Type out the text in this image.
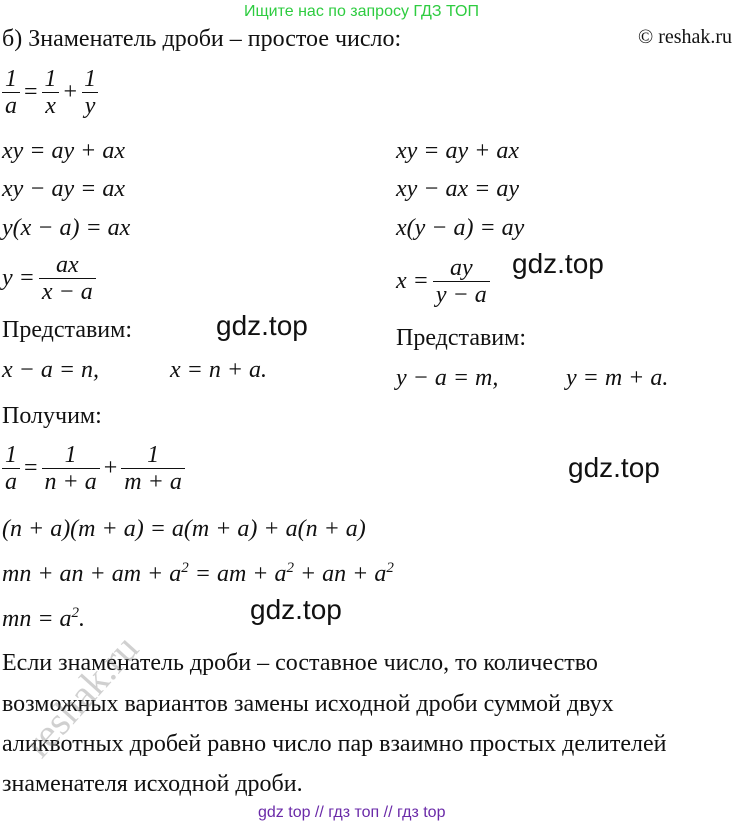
Ищите нас по запросу ГДЗ ТОП
© reshak.ru
б) Знаменатель дроби – простое число:
$\frac{1}{a} = \frac{1}{x} + \frac{1}{y}$
xy = ay + ax
xy − ay = ax
y(x − a) = ax
$y = \frac{ax}{x - a}$
Представим:
x − a = n,	x = n + a.
xy = ay + ax
xy − ax = ay
x(y − a) = ay
$x = \frac{ay}{y - a}$
Представим:
y − a = m,	y = m + a.
Получим:
$\frac{1}{a} = \frac{1}{n + a} + \frac{1}{m + a}$
(n + a)(m + a) = a(m + a) + a(n + a)
mn + an + am + $a^2$ = am + $a^2$ + an + $a^2$
mn = $a^2$.
Если знаменатель дроби – составное число, то количество
возможных вариантов замены исходной дроби суммой двух
аликвотных дробей равно число пар взаимно простых делителей
знаменателя исходной дроби.
gdz.top
gdz.top
gdz.top
gdz.top
reshak.ru
gdz top // гдз топ // гдз top
